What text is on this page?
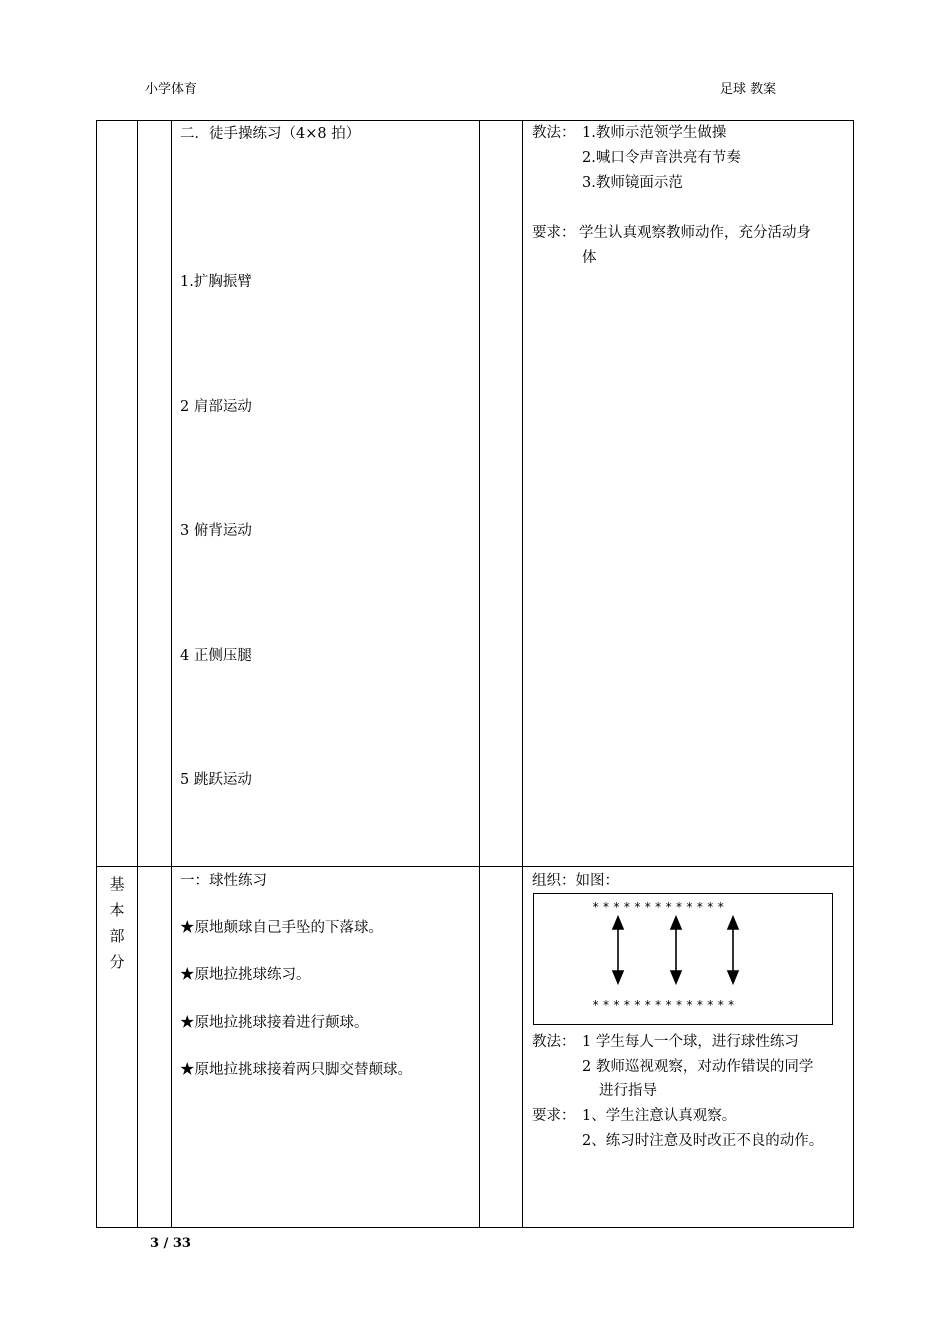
小学体育	足球 教案
二．徒手操练习（4×8 拍）
1.扩胸振臂
2 肩部运动
3 俯背运动
4 正侧压腿
5 跳跃运动
教法： 1.教师示范领学生做操
2.喊口令声音洪亮有节奏
3.教师镜面示范
要求： 学生认真观察教师动作，充分活动身
体
基
本
部
分
一：球性练习
★原地颠球自己手坠的下落球。
★原地拉挑球练习。
★原地拉挑球接着进行颠球。
★原地拉挑球接着两只脚交替颠球。
组织：如图：
*************
**************
教法： 1 学生每人一个球，进行球性练习
2 教师巡视观察，对动作错误的同学
进行指导
要求： 1、学生注意认真观察。
2、练习时注意及时改正不良的动作。
3 / 33
